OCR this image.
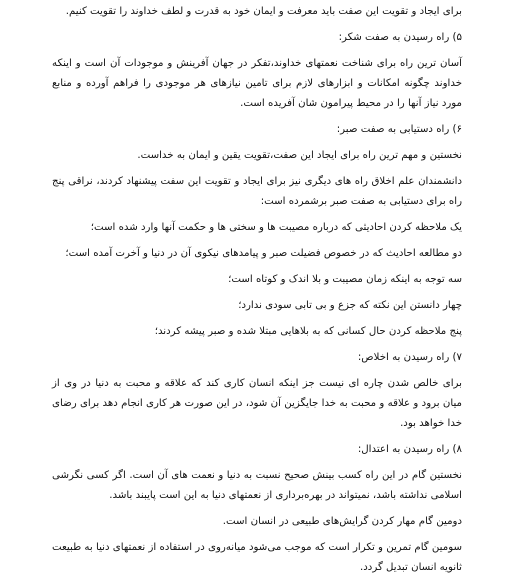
برای ایجاد و تقویت این صفت باید معرفت و ایمان خود به قدرت و لطف خداوند را تقویت کنیم.

۵) راه رسیدن به صفت شکر:

آسان ترین راه برای شناخت نعمتهای خداوند،تفکر در جهان آفرینش و موجودات آن است و اینکه خداوند چگونه امکانات و ابزارهای لازم برای تامین نیازهای هر موجودی را فراهم آورده و منابع مورد نیاز آنها را در محیط پیرامون شان آفریده است.

۶) راه دستیابی به صفت صبر:

نخستین و مهم ترین راه برای ایجاد این صفت،تقویت یقین و ایمان به خداست.

دانشمندان علم اخلاق راه های دیگری نیز برای ایجاد و تقویت این سفت پیشنهاد کردند، نراقی پنج راه برای دستیابی به صفت صبر برشمرده است:

یک ملاحظه کردن احادیثی که درباره مصیبت ها و سختی ها و حکمت آنها وارد شده است؛

دو مطالعه احادیث که در خصوص فضیلت صبر و پیامدهای نیکوی آن در دنیا و آخرت آمده است؛

سه توجه به اینکه زمان مصیبت و بلا اندک و کوتاه است؛

چهار دانستن این نکته که جزع و بی تابی سودی ندارد؛

پنج ملاحظه کردن حال کسانی که به بلاهایی مبتلا شده و صبر پیشه کردند؛

۷) راه رسیدن به اخلاص:

برای خالص شدن چاره ای نیست جز اینکه انسان کاری کند که علاقه و محبت به دنیا در وی از میان برود و علاقه و محبت به خدا جایگزین آن شود، در این صورت هر کاری انجام دهد برای رضای خدا خواهد بود.

۸) راه رسیدن به اعتدال:

نخستین گام در این راه کسب بینش صحیح نسبت به دنیا و نعمت های آن است. اگر کسی نگرشی اسلامی نداشته باشد، نمیتواند در بهره‌برداری از نعمتهای دنیا به این است پایبند باشد.

دومین گام مهار کردن گرایش‌های طبیعی در انسان است.

سومین گام تمرین و تکرار است که موجب می‌شود میانه‌روی در استفاده از نعمتهای دنیا به طبیعت ثانویه انسان تبدیل گردد.
